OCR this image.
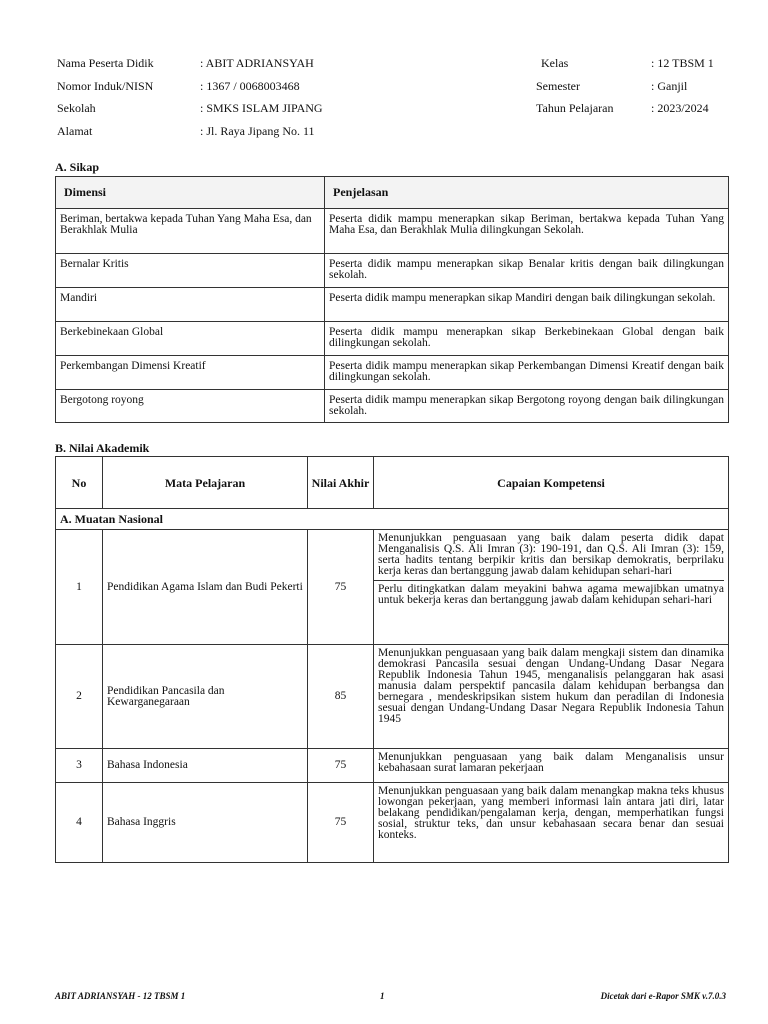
Nama Peserta Didik	: ABIT ADRIANSYAH	Kelas	: 12 TBSM 1
Nomor Induk/NISN	: 1367 / 0068003468	Semester	: Ganjil
Sekolah	: SMKS ISLAM JIPANG	Tahun Pelajaran	: 2023/2024
Alamat	: Jl. Raya Jipang No. 11
A. Sikap
Dimensi	Penjelasan
Beriman, bertakwa kepada Tuhan Yang Maha Esa, dan Berakhlak Mulia	Peserta didik mampu menerapkan sikap Beriman, bertakwa kepada Tuhan Yang Maha Esa, dan Berakhlak Mulia dilingkungan Sekolah.
Bernalar Kritis	Peserta didik mampu menerapkan sikap Benalar kritis dengan baik dilingkungan sekolah.
Mandiri	Peserta didik mampu menerapkan sikap Mandiri dengan baik dilingkungan sekolah.
Berkebinekaan Global	Peserta didik mampu menerapkan sikap Berkebinekaan Global dengan baik dilingkungan sekolah.
Perkembangan Dimensi Kreatif	Peserta didik mampu menerapkan sikap Perkembangan Dimensi Kreatif dengan baik dilingkungan sekolah.
Bergotong royong	Peserta didik mampu menerapkan sikap Bergotong royong dengan baik dilingkungan sekolah.
B. Nilai Akademik
No	Mata Pelajaran	Nilai Akhir	Capaian Kompetensi
A. Muatan Nasional			
1	Pendidikan Agama Islam dan Budi Pekerti	75	Menunjukkan penguasaan yang baik dalam peserta didik dapat Menganalisis Q.S. Ali Imran (3): 190-191, dan Q.S. Ali Imran (3): 159, serta hadits tentang berpikir kritis dan bersikap demokratis, berprilaku kerja keras dan bertanggung jawab dalam kehidupan sehari-hari
Perlu ditingkatkan dalam meyakini bahwa agama mewajibkan umatnya untuk bekerja keras dan bertanggung jawab dalam kehidupan sehari-hari

2	Pendidikan Pancasila dan Kewarganegaraan	85	Menunjukkan penguasaan yang baik dalam mengkaji sistem dan dinamika demokrasi Pancasila sesuai dengan Undang-Undang Dasar Negara Republik Indonesia Tahun 1945, menganalisis pelanggaran hak asasi manusia dalam perspektif pancasila dalam kehidupan berbangsa dan bernegara , mendeskripsikan sistem hukum dan peradilan di Indonesia sesuai dengan Undang-Undang Dasar Negara Republik Indonesia Tahun 1945

3	Bahasa Indonesia	75	Menunjukkan penguasaan yang baik dalam Menganalisis unsur kebahasaan surat lamaran pekerjaan

4	Bahasa Inggris	75	Menunjukkan penguasaan yang baik dalam menangkap makna teks khusus lowongan pekerjaan, yang memberi informasi lain antara jati diri, latar belakang pendidikan/pengalaman kerja, dengan, memperhatikan fungsi sosial, struktur teks, dan unsur kebahasaan secara benar dan sesuai konteks.
ABIT ADRIANSYAH - 12 TBSM 1	1	Dicetak dari e-Rapor SMK v.7.0.3
